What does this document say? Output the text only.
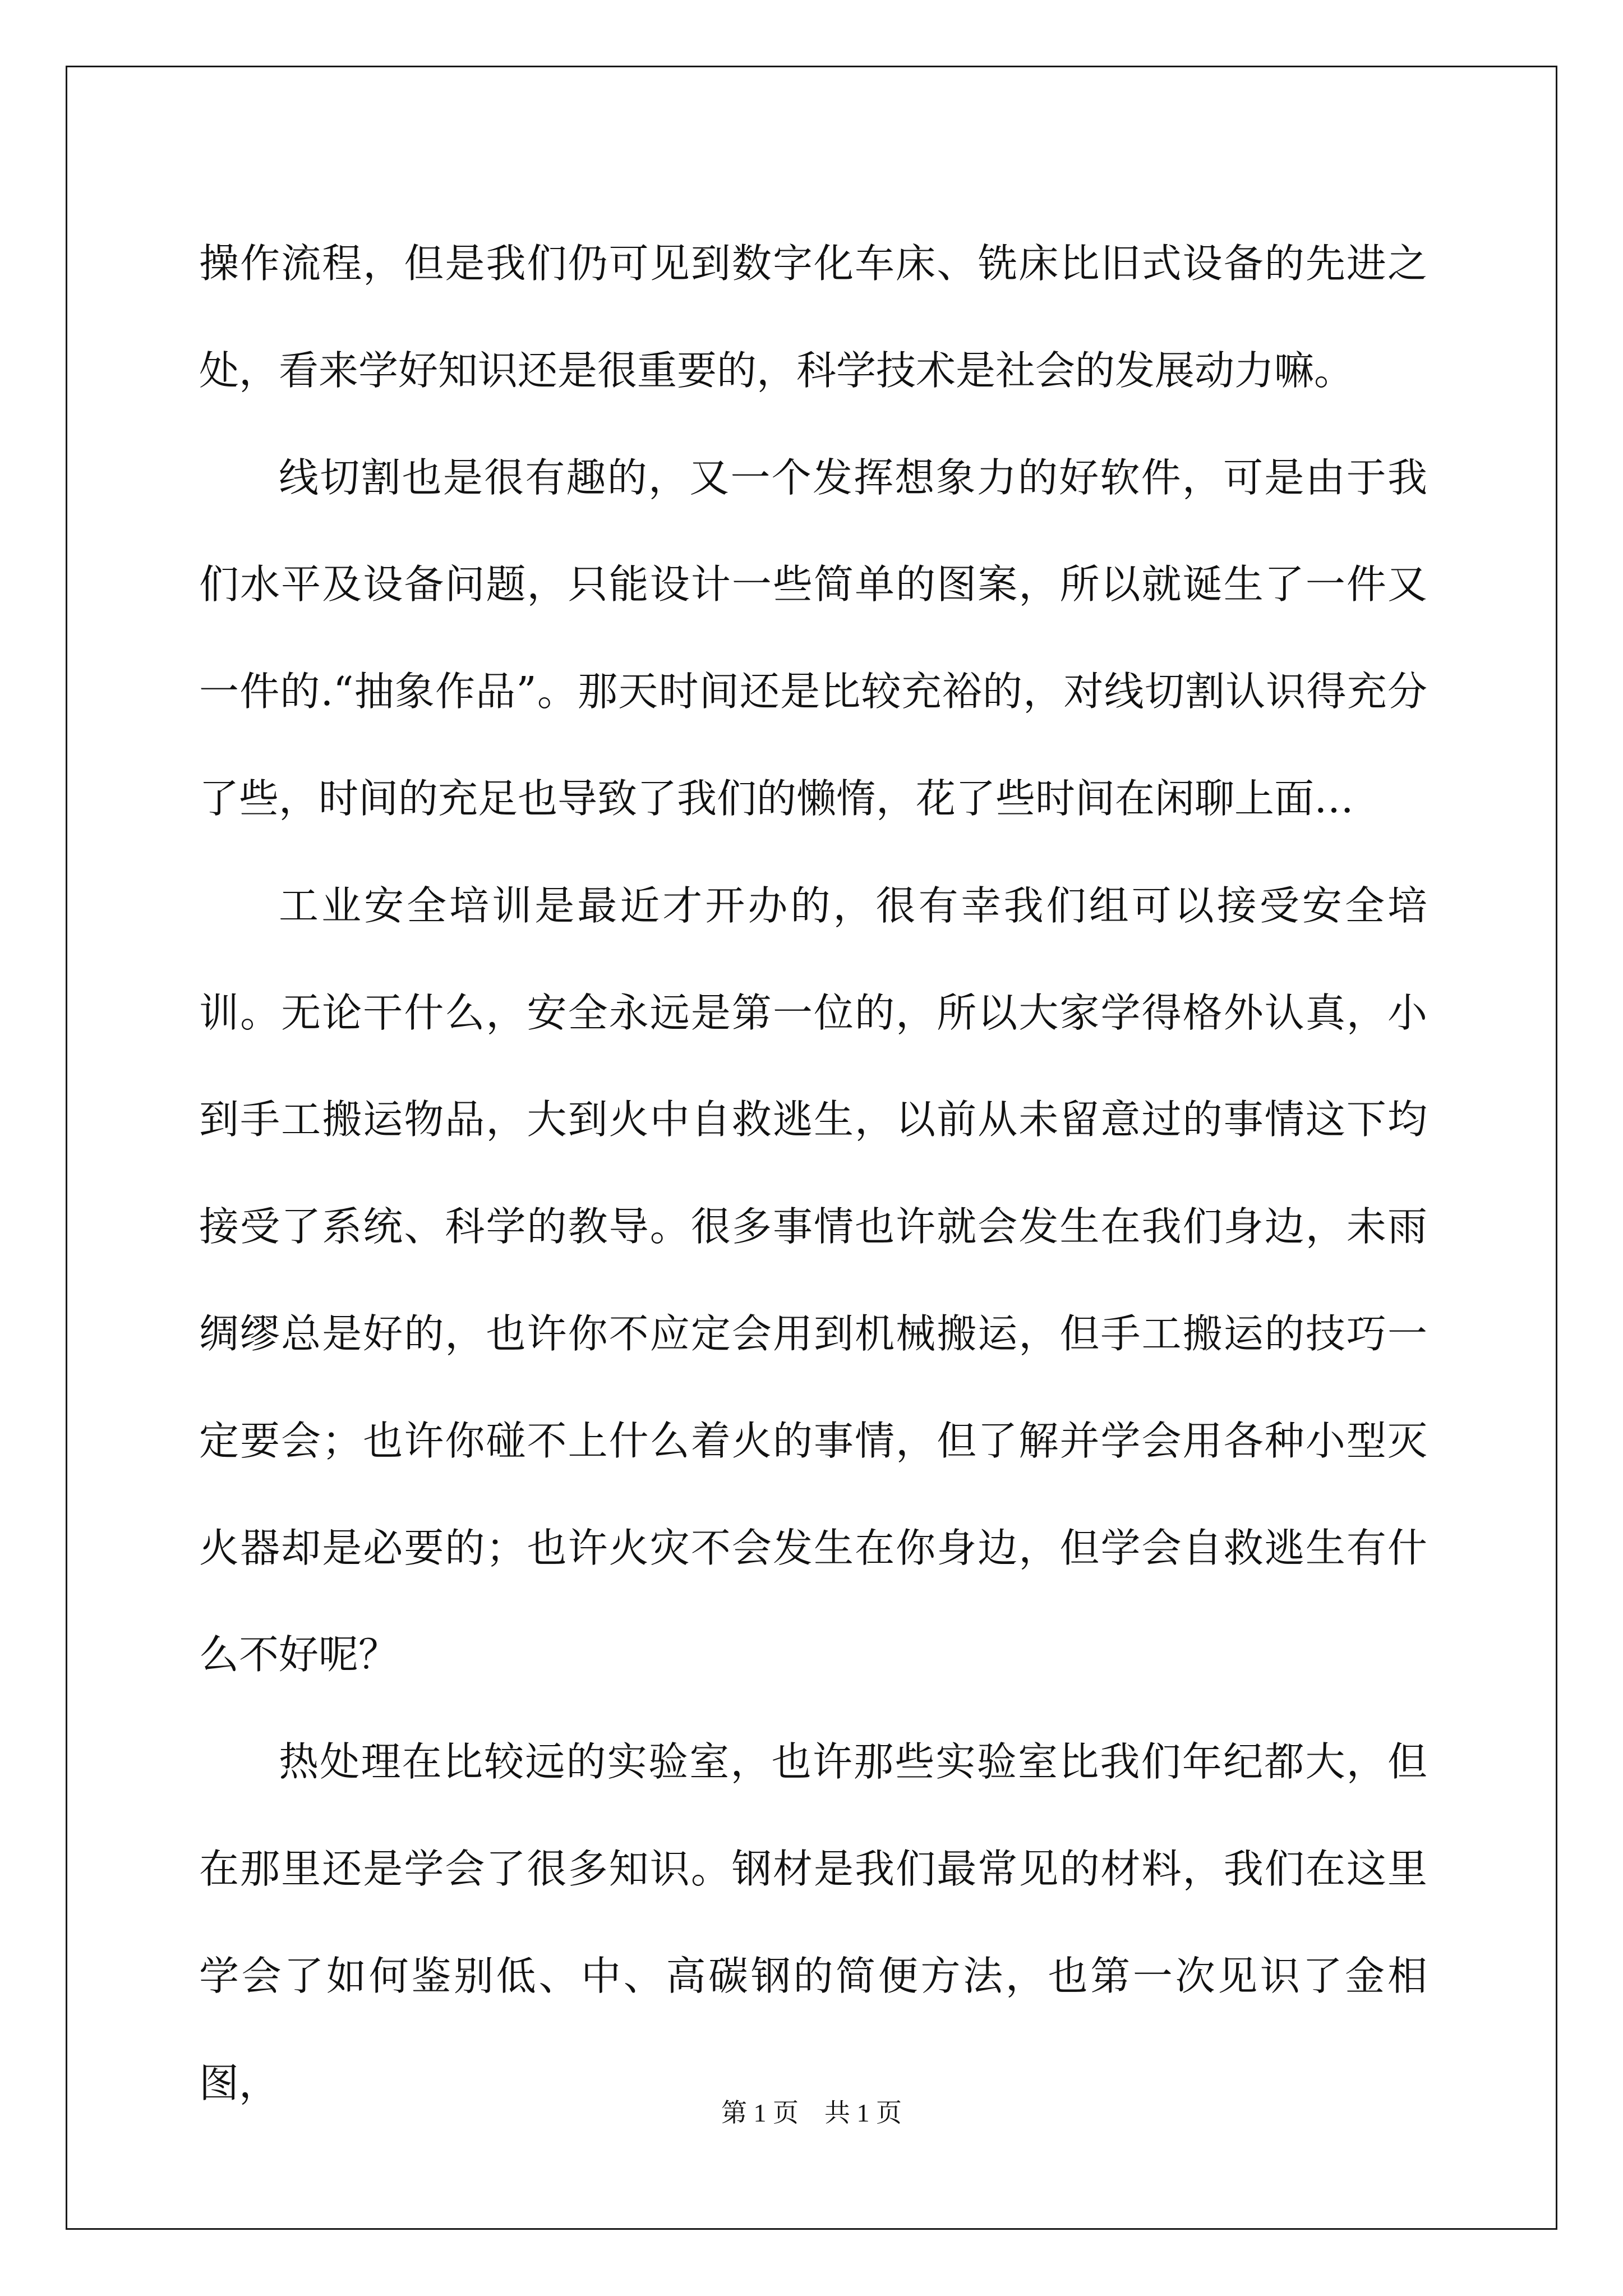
操作流程，但是我们仍可见到数字化车床、铣床比旧式设备的先进之处，看来学好知识还是很重要的，科学技术是社会的发展动力嘛。

线切割也是很有趣的，又一个发挥想象力的好软件，可是由于我们水平及设备问题，只能设计一些简单的图案，所以就诞生了一件又一件的.“抽象作品”。那天时间还是比较充裕的，对线切割认识得充分了些，时间的充足也导致了我们的懒惰，花了些时间在闲聊上面…

工业安全培训是最近才开办的，很有幸我们组可以接受安全培训。无论干什么，安全永远是第一位的，所以大家学得格外认真，小到手工搬运物品，大到火中自救逃生，以前从未留意过的事情这下均接受了系统、科学的教导。很多事情也许就会发生在我们身边，未雨绸缪总是好的，也许你不应定会用到机械搬运，但手工搬运的技巧一定要会；也许你碰不上什么着火的事情，但了解并学会用各种小型灭火器却是必要的；也许火灾不会发生在你身边，但学会自救逃生有什么不好呢？

热处理在比较远的实验室，也许那些实验室比我们年纪都大，但在那里还是学会了很多知识。钢材是我们最常见的材料，我们在这里学会了如何鉴别低、中、高碳钢的简便方法，也第一次见识了金相图，

第 1 页    共 1 页
